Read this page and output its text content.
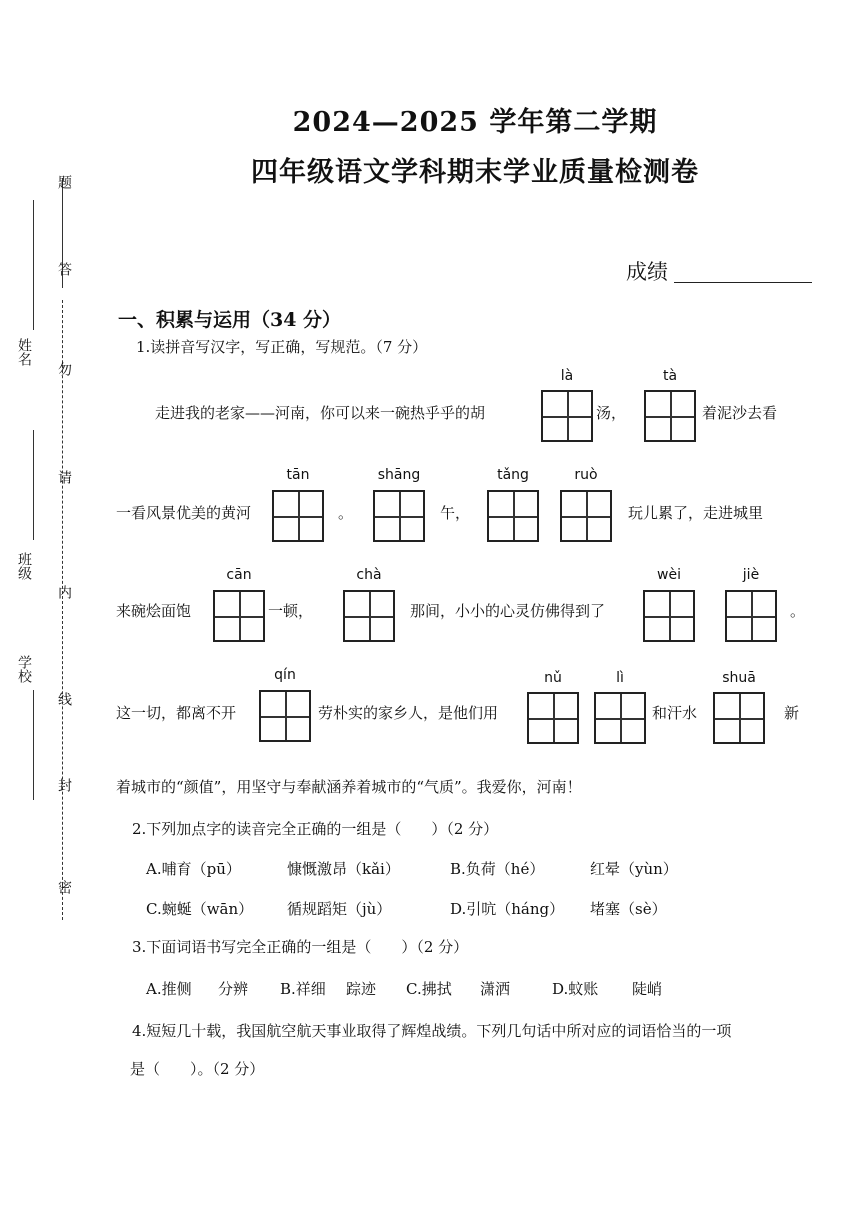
题
答
勿
请
内
线
封
密
姓名
班级
学校
2024—2025 学年第二学期
四年级语文学科期末学业质量检测卷
成绩
一、积累与运用（34 分）
1.读拼音写汉字，写正确，写规范。（7 分）
走进我的老家——河南，你可以来一碗热乎乎的胡
là
汤，
tà
着泥沙去看
一看风景优美的黄河
tān
。
shāng
午，
tǎng	ruò
玩儿累了，走进城里
来碗烩面饱
cān
一顿，
chà
那间，小小的心灵仿佛得到了
wèi	jiè
。
这一切，都离不开
qín
劳朴实的家乡人，是他们用
nǔ	lì
和汗水
shuā
新
着城市的“颜值”，用坚守与奉献涵养着城市的“气质”。我爱你，河南！
2.下列加点字的读音完全正确的一组是（　　）（2 分）
A.哺育（pū）	慷慨激昂（kǎi）	B.负荷（hé）	红晕（yùn）
C.蜿蜒（wān） 循规蹈矩（jù）	D.引吭（háng） 堵塞（sè）
3.下面词语书写完全正确的一组是（　　）（2 分）
A.推侧 分辨 B.祥细 踪迹 C.拂拭 潇洒	D.蚊账 陡峭
4.短短几十载，我国航空航天事业取得了辉煌战绩。下列几句话中所对应的词语恰当的一项
是（　　）。（2 分）
